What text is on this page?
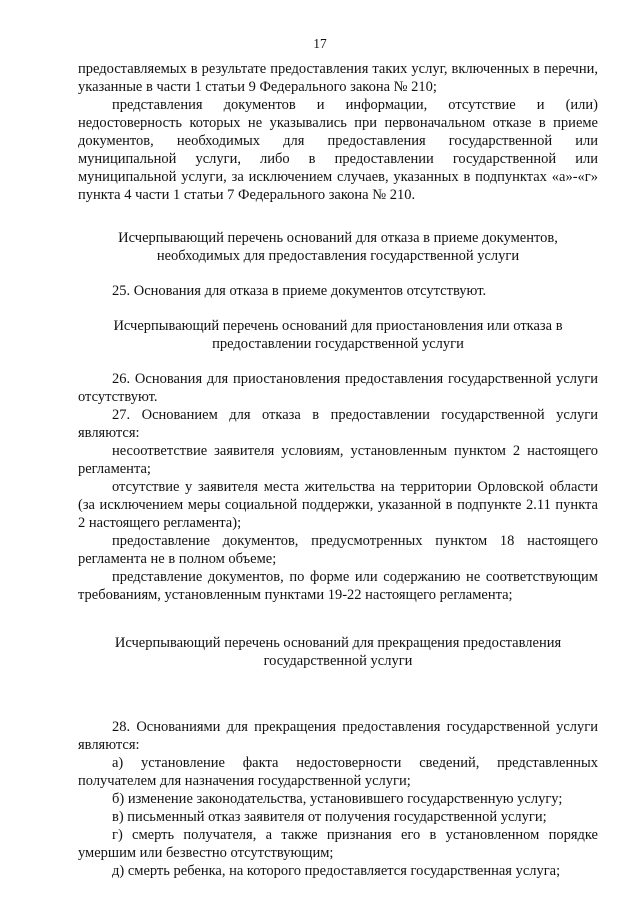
17

предоставляемых в результате предоставления таких услуг, включенных в перечни, указанные в части 1 статьи 9 Федерального закона № 210;

представления документов и информации, отсутствие и (или) недостоверность которых не указывались при первоначальном отказе в приеме документов, необходимых для предоставления государственной или муниципальной услуги, либо в предоставлении государственной или муниципальной услуги, за исключением случаев, указанных в подпунктах «а»-«г» пункта 4 части 1 статьи 7 Федерального закона № 210.

Исчерпывающий перечень оснований для отказа в приеме документов, необходимых для предоставления государственной услуги

25. Основания для отказа в приеме документов отсутствуют.

Исчерпывающий перечень оснований для приостановления или отказа в предоставлении государственной услуги

26. Основания для приостановления предоставления государственной услуги отсутствуют.

27. Основанием для отказа в предоставлении государственной услуги являются:

несоответствие заявителя условиям, установленным пунктом 2 настоящего регламента;

отсутствие у заявителя места жительства на территории Орловской области (за исключением меры социальной поддержки, указанной в подпункте 2.11 пункта 2 настоящего регламента);

предоставление документов, предусмотренных пунктом 18 настоящего регламента не в полном объеме;

представление документов, по форме или содержанию не соответствующим требованиям, установленным пунктами 19-22 настоящего регламента;

Исчерпывающий перечень оснований для прекращения предоставления государственной услуги

28. Основаниями для прекращения предоставления государственной услуги являются:

а) установление факта недостоверности сведений, представленных получателем для назначения государственной услуги;

б) изменение законодательства, установившего государственную услугу;

в) письменный отказ заявителя от получения государственной услуги;

г) смерть получателя, а также признания его в установленном порядке умершим или безвестно отсутствующим;

д) смерть ребенка, на которого предоставляется государственная услуга;
